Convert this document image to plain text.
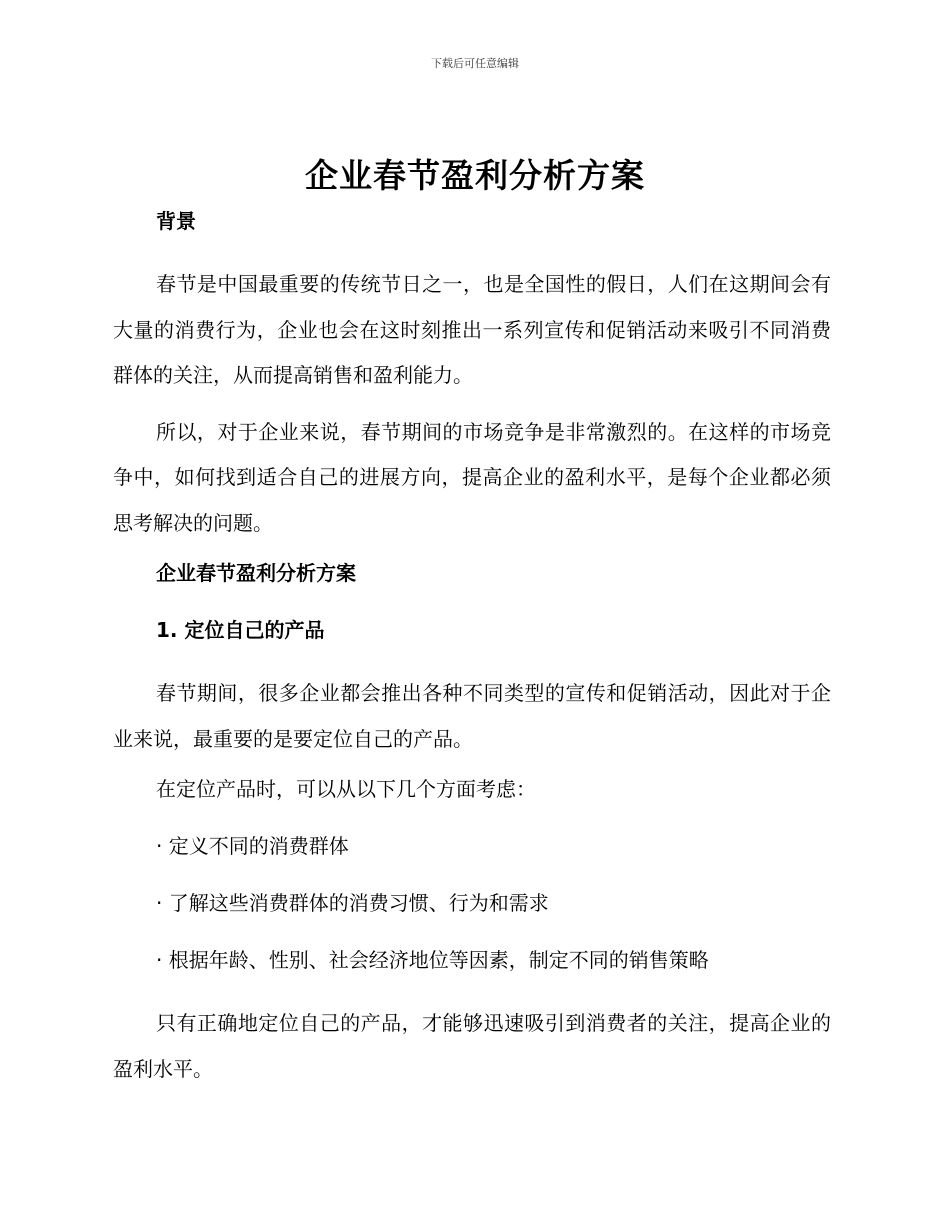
下载后可任意编辑
企业春节盈利分析方案
背景

春节是中国最重要的传统节日之一，也是全国性的假日，人们在这期间会有大量的消费行为，企业也会在这时刻推出一系列宣传和促销活动来吸引不同消费群体的关注，从而提高销售和盈利能力。

所以，对于企业来说，春节期间的市场竞争是非常激烈的。在这样的市场竞争中，如何找到适合自己的进展方向，提高企业的盈利水平，是每个企业都必须思考解决的问题。

企业春节盈利分析方案
1. 定位自己的产品

春节期间，很多企业都会推出各种不同类型的宣传和促销活动，因此对于企业来说，最重要的是要定位自己的产品。

在定位产品时，可以从以下几个方面考虑：

· 定义不同的消费群体
· 了解这些消费群体的消费习惯、行为和需求
· 根据年龄、性别、社会经济地位等因素，制定不同的销售策略

只有正确地定位自己的产品，才能够迅速吸引到消费者的关注，提高企业的盈利水平。
